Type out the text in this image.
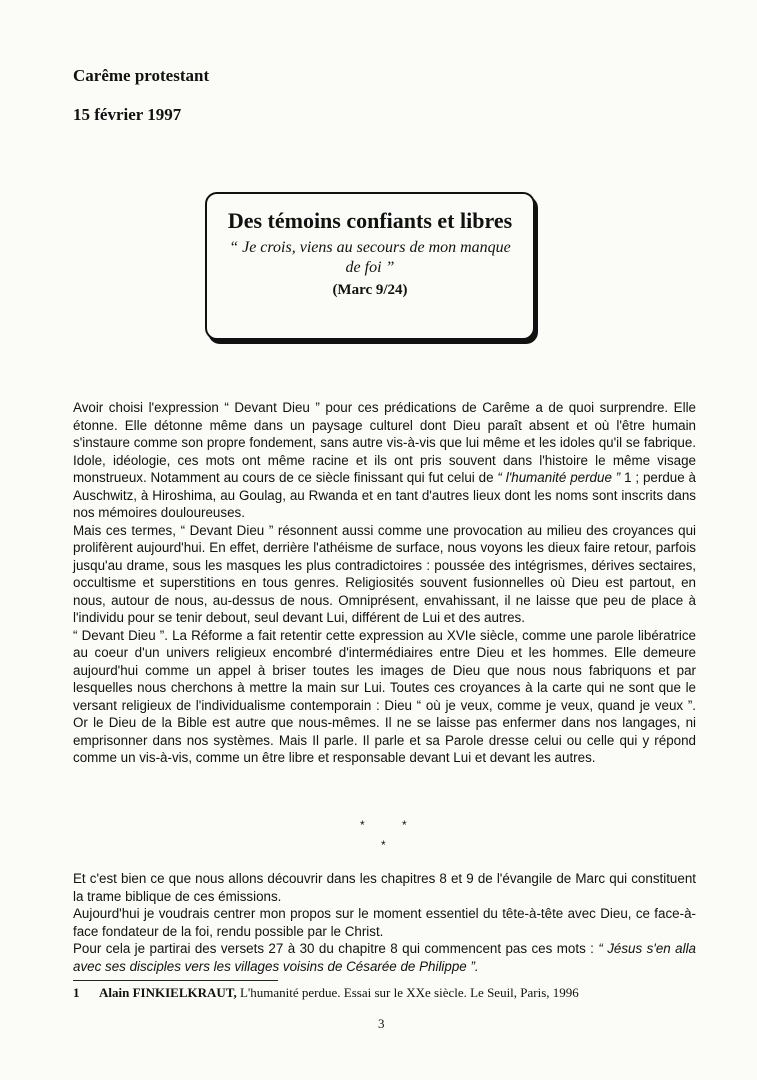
Carême protestant
15 février 1997
Des témoins confiants et libres
“ Je crois, viens au secours de mon manque de foi ”
(Marc 9/24)

Avoir choisi l'expression “ Devant Dieu ” pour ces prédications de Carême a de quoi surprendre. Elle étonne. Elle détonne même dans un paysage culturel dont Dieu paraît absent et où l'être humain s'instaure comme son propre fondement, sans autre vis-à-vis que lui même et les idoles qu'il se fabrique. Idole, idéologie, ces mots ont même racine et ils ont pris souvent dans l'histoire le même visage monstrueux. Notamment au cours de ce siècle finissant qui fut celui de “ l'humanité perdue ” 1 ; perdue à Auschwitz, à Hiroshima, au Goulag, au Rwanda et en tant d'autres lieux dont les noms sont inscrits dans nos mémoires douloureuses.

Mais ces termes, “ Devant Dieu ” résonnent aussi comme une provocation au milieu des croyances qui prolifèrent aujourd'hui. En effet, derrière l'athéisme de surface, nous voyons les dieux faire retour, parfois jusqu'au drame, sous les masques les plus contradictoires : poussée des intégrismes, dérives sectaires, occultisme et superstitions en tous genres. Religiosités souvent fusionnelles où Dieu est partout, en nous, autour de nous, au-dessus de nous. Omniprésent, envahissant, il ne laisse que peu de place à l'individu pour se tenir debout, seul devant Lui, différent de Lui et des autres.

“ Devant Dieu ”. La Réforme a fait retentir cette expression au XVIe siècle, comme une parole libératrice au coeur d'un univers religieux encombré d'intermédiaires entre Dieu et les hommes. Elle demeure aujourd'hui comme un appel à briser toutes les images de Dieu que nous nous fabriquons et par lesquelles nous cherchons à mettre la main sur Lui. Toutes ces croyances à la carte qui ne sont que le versant religieux de l'individualisme contemporain : Dieu “ où je veux, comme je veux, quand je veux ”. Or le Dieu de la Bible est autre que nous-mêmes. Il ne se laisse pas enfermer dans nos langages, ni emprisonner dans nos systèmes. Mais Il parle. Il parle et sa Parole dresse celui ou celle qui y répond comme un vis-à-vis, comme un être libre et responsable devant Lui et devant les autres.

*	*
*

Et c'est bien ce que nous allons découvrir dans les chapitres 8 et 9 de l'évangile de Marc qui constituent la trame biblique de ces émissions.

Aujourd'hui je voudrais centrer mon propos sur le moment essentiel du tête-à-tête avec Dieu, ce face-à-face fondateur de la foi, rendu possible par le Christ.

Pour cela je partirai des versets 27 à 30 du chapitre 8 qui commencent pas ces mots : “ Jésus s'en alla avec ses disciples vers les villages voisins de Césarée de Philippe ”.

1 Alain FINKIELKRAUT, L'humanité perdue. Essai sur le XXe siècle. Le Seuil, Paris, 1996
3
